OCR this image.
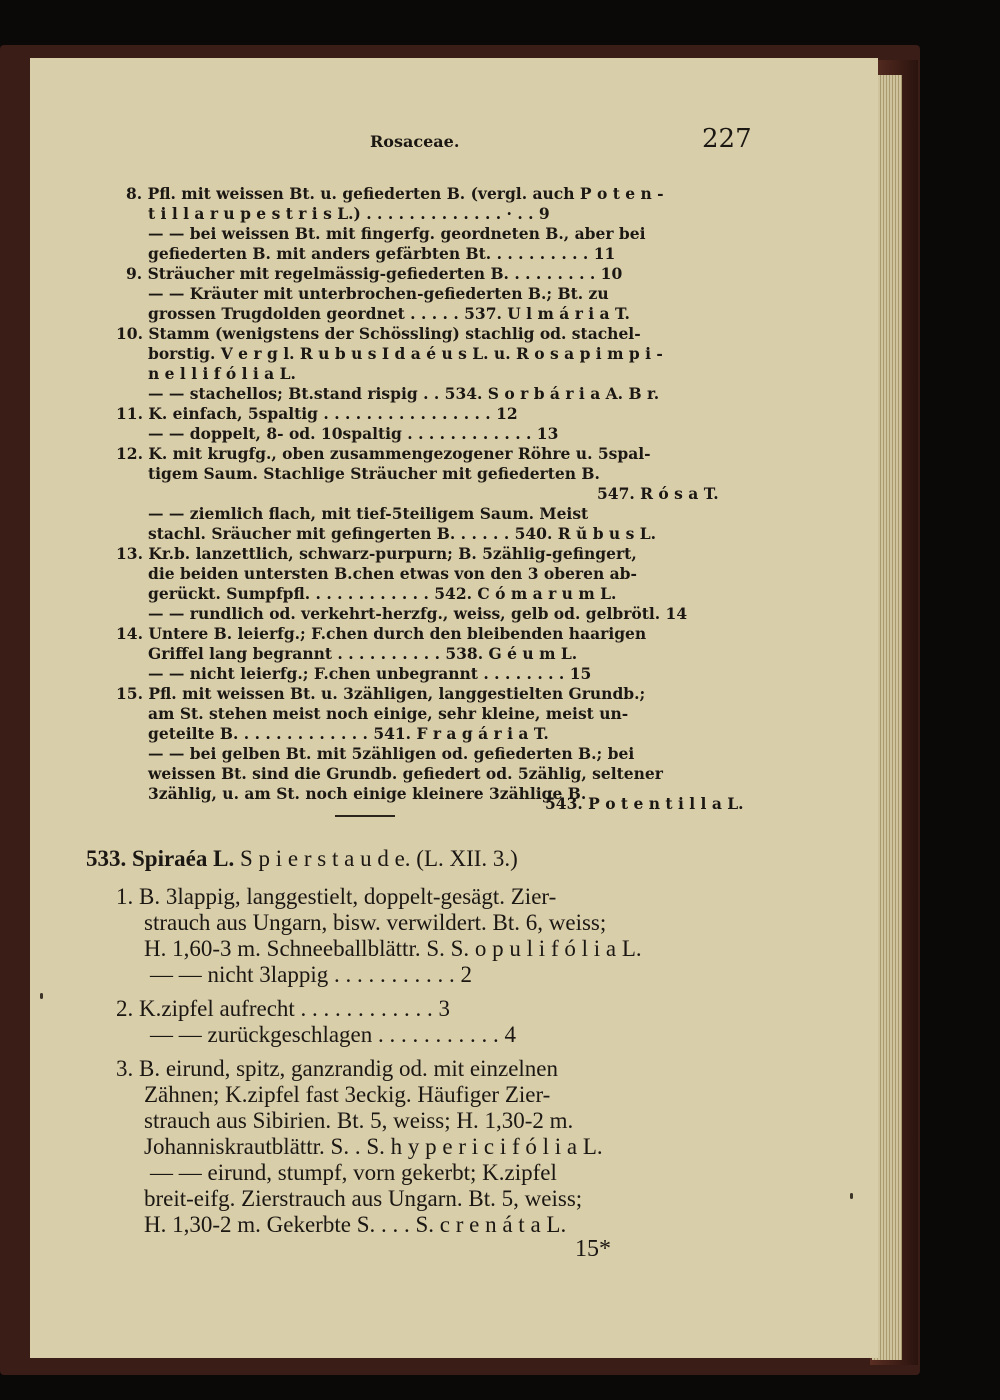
Rosaceae.	227
8. Pfl. mit weissen Bt. u. gefiederten B. (vergl. auch P o t e n -
t i l l a r u p e s t r i s L.) . . . . . . . . . . . . . · . . 9
— — bei weissen Bt. mit fingerfg. geordneten B., aber bei
gefiederten B. mit anders gefärbten Bt. . . . . . . . . . 11
9. Sträucher mit regelmässig-gefiederten B. . . . . . . . . 10
— — Kräuter mit unterbrochen-gefiederten B.; Bt. zu
grossen Trugdolden geordnet . . . . . 537. U l m á r i a T.
10. Stamm (wenigstens der Schössling) stachlig od. stachel-
borstig. V e r g l. R u b u s I d a é u s L. u. R o s a p i m p i -
n e l l i f ó l i a L.
— — stachellos; Bt.stand rispig . . 534. S o r b á r i a A. B r.
11. K. einfach, 5spaltig . . . . . . . . . . . . . . . . 12
— — doppelt, 8- od. 10spaltig . . . . . . . . . . . . 13
12. K. mit krugfg., oben zusammengezogener Röhre u. 5spal-
tigem Saum. Stachlige Sträucher mit gefiederten B.
547. R ó s a T.
— — ziemlich flach, mit tief-5teiligem Saum. Meist
stachl. Sräucher mit gefingerten B. . . . . . 540. R ŭ b u s L.
13. Kr.b. lanzettlich, schwarz-purpurn; B. 5zählig-gefingert,
die beiden untersten B.chen etwas von den 3 oberen ab-
gerückt. Sumpfpfl. . . . . . . . . . . . 542. C ó m a r u m L.
— — rundlich od. verkehrt-herzfg., weiss, gelb od. gelbrötl. 14
14. Untere B. leierfg.; F.chen durch den bleibenden haarigen
Griffel lang begrannt . . . . . . . . . . 538. G é u m L.
— — nicht leierfg.; F.chen unbegrannt . . . . . . . . 15
15. Pfl. mit weissen Bt. u. 3zähligen, langgestielten Grundb.;
am St. stehen meist noch einige, sehr kleine, meist un-
geteilte B. . . . . . . . . . . . . 541. F r a g á r i a T.
— — bei gelben Bt. mit 5zähligen od. gefiederten B.; bei
weissen Bt. sind die Grundb. gefiedert od. 5zählig, seltener
3zählig, u. am St. noch einige kleinere 3zählige B.
543. P o t e n t i l l a L.
533. Spiraéa L. S p i e r s t a u d e. (L. XII. 3.)
1. B. 3lappig, langgestielt, doppelt-gesägt. Zier-
strauch aus Ungarn, bisw. verwildert. Bt. 6, weiss;
H. 1,60-3 m. Schneeballblättr. S. S. o p u l i f ó l i a L.
— — nicht 3lappig . . . . . . . . . . . 2
2. K.zipfel aufrecht . . . . . . . . . . . . 3
— — zurückgeschlagen . . . . . . . . . . . 4
3. B. eirund, spitz, ganzrandig od. mit einzelnen
Zähnen; K.zipfel fast 3eckig. Häufiger Zier-
strauch aus Sibirien. Bt. 5, weiss; H. 1,30-2 m.
Johanniskrautblättr. S. . S. h y p e r i c i f ó l i a L.
— — eirund, stumpf, vorn gekerbt; K.zipfel
breit-eifg. Zierstrauch aus Ungarn. Bt. 5, weiss;
H. 1,30-2 m. Gekerbte S. . . . S. c r e n á t a L.
15*
